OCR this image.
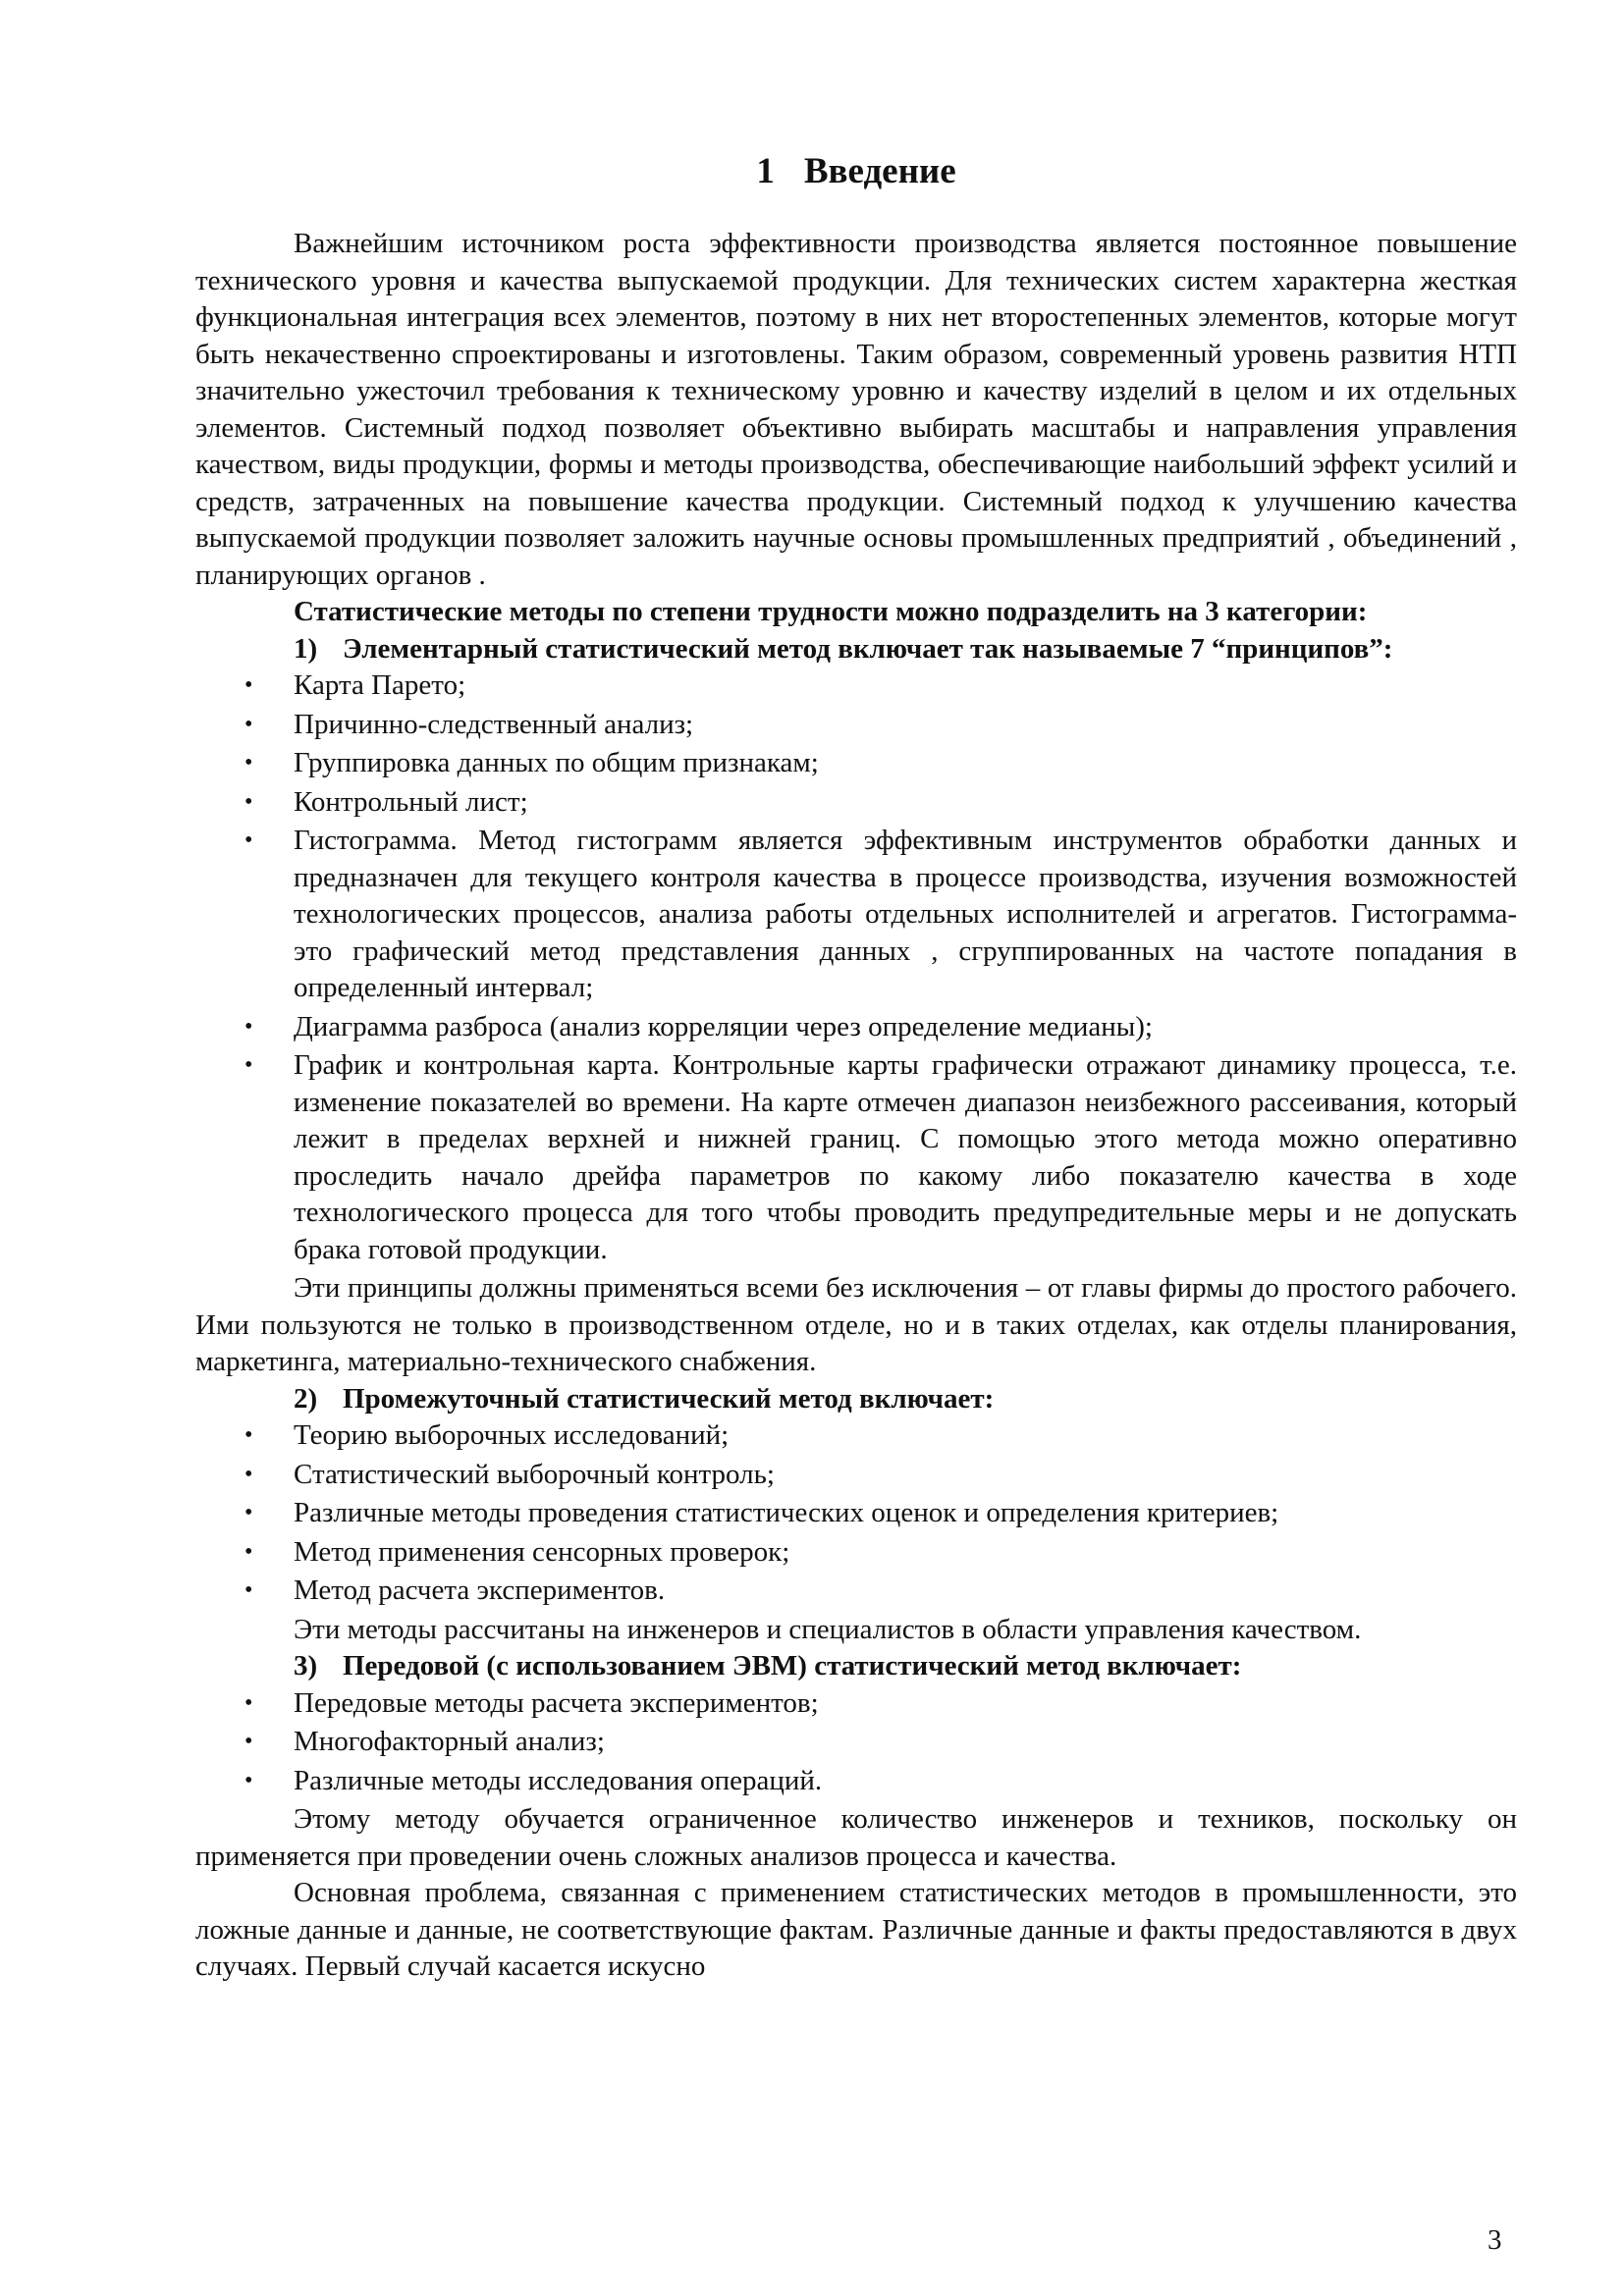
1 Введение

Важнейшим источником роста эффективности производства является постоянное повышение технического уровня и качества выпускаемой продукции. Для технических систем характерна жесткая функциональная интеграция всех элементов, поэтому в них нет второстепенных элементов, которые могут быть некачественно спроектированы и изготовлены. Таким образом, современный уровень развития НТП значительно ужесточил требования к техническому уровню и качеству изделий в целом и их отдельных элементов. Системный подход позволяет объективно выбирать масштабы и направления управления качеством, виды продукции, формы и методы производства, обеспечивающие наибольший эффект усилий и средств, затраченных на повышение качества продукции. Системный подход к улучшению качества выпускаемой продукции позволяет заложить научные основы промышленных предприятий , объединений , планирующих органов .

Статистические методы по степени трудности можно подразделить на 3 категории:

1) Элементарный статистический метод включает так называемые 7 “принципов”:
•	Карта Парето;
•	Причинно-следственный анализ;
•	Группировка данных по общим признакам;
•	Контрольный лист;
•	Гистограмма. Метод гистограмм является эффективным инструментов обработки данных и предназначен для текущего контроля качества в процессе производства, изучения возможностей технологических процессов, анализа работы отдельных исполнителей и агрегатов. Гистограмма- это графический метод представления данных , сгруппированных на частоте попадания в определенный интервал;
•	Диаграмма разброса (анализ корреляции через определение медианы);
•	График и контрольная карта. Контрольные карты графически отражают динамику процесса, т.е. изменение показателей во времени. На карте отмечен диапазон неизбежного рассеивания, который лежит в пределах верхней и нижней границ. С помощью этого метода можно оперативно проследить начало дрейфа параметров по какому либо показателю качества в ходе технологического процесса для того чтобы проводить предупредительные меры и не допускать брака готовой продукции.

Эти принципы должны применяться всеми без исключения – от главы фирмы до простого рабочего. Ими пользуются не только в производственном отделе, но и в таких отделах, как отделы планирования, маркетинга, материально-технического снабжения.

2) Промежуточный статистический метод включает:
•	Теорию выборочных исследований;
•	Статистический выборочный контроль;
•	Различные методы проведения статистических оценок и определения критериев;
•	Метод применения сенсорных проверок;
•	Метод расчета экспериментов.

Эти методы рассчитаны на инженеров и специалистов в области управления качеством.

3) Передовой (с использованием ЭВМ) статистический метод включает:
•	Передовые методы расчета экспериментов;
•	Многофакторный анализ;
•	Различные методы исследования операций.

Этому методу обучается ограниченное количество инженеров и техников, поскольку он применяется при проведении очень сложных анализов процесса и качества.

Основная проблема, связанная с применением статистических методов в промышленности, это ложные данные и данные, не соответствующие фактам. Различные данные и факты предоставляются в двух случаях. Первый случай касается искусно

3
